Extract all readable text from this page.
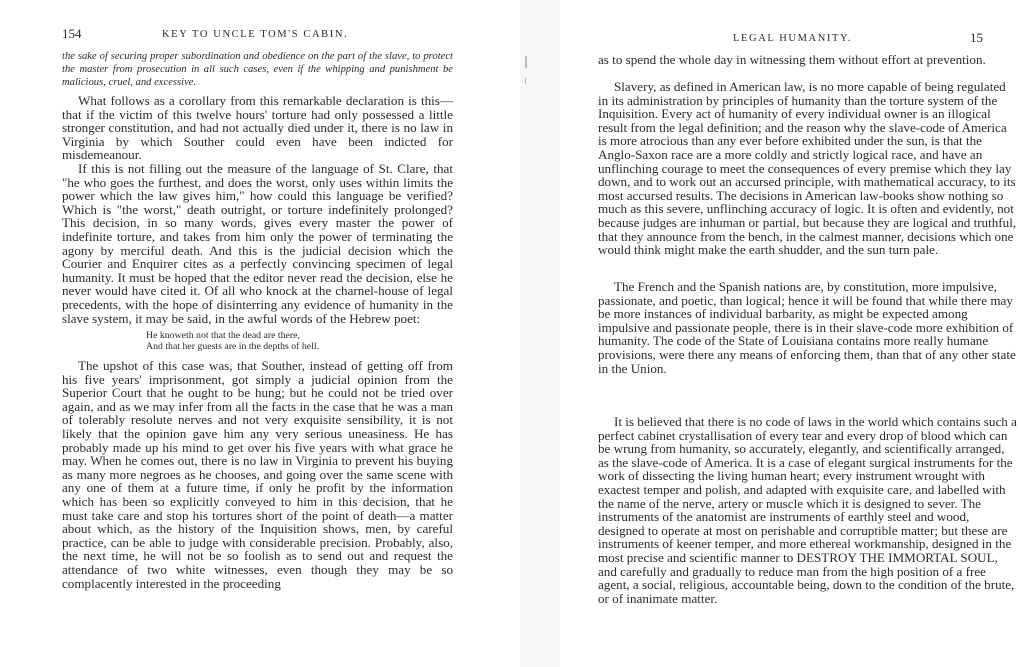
154	KEY TO UNCLE TOM'S CABIN.

the sake of securing proper subordination and obedience on the part of the slave, to protect the master from prosecution in all such cases, even if the whipping and punishment be malicious, cruel, and excessive.

What follows as a corollary from this remarkable declaration is this—that if the victim of this twelve hours' torture had only possessed a little stronger constitution, and had not actually died under it, there is no law in Virginia by which Souther could even have been indicted for misdemeanour.

If this is not filling out the measure of the language of St. Clare, that "he who goes the furthest, and does the worst, only uses within limits the power which the law gives him," how could this language be verified? Which is "the worst," death outright, or torture indefinitely prolonged? This decision, in so many words, gives every master the power of indefinite torture, and takes from him only the power of terminating the agony by merciful death. And this is the judicial decision which the Courier and Enquirer cites as a perfectly convincing specimen of legal humanity. It must be hoped that the editor never read the decision, else he never would have cited it. Of all who knock at the charnel-house of legal precedents, with the hope of disinterring any evidence of humanity in the slave system, it may be said, in the awful words of the Hebrew poet:

He knoweth not that the dead are there,
And that her guests are in the depths of hell.

The upshot of this case was, that Souther, instead of getting off from his five years' imprisonment, got simply a judicial opinion from the Superior Court that he ought to be hung; but he could not be tried over again, and as we may infer from all the facts in the case that he was a man of tolerably resolute nerves and not very exquisite sensibility, it is not likely that the opinion gave him any very serious uneasiness. He has probably made up his mind to get over his five years with what grace he may. When he comes out, there is no law in Virginia to prevent his buying as many more negroes as he chooses, and going over the same scene with any one of them at a future time, if only he profit by the information which has been so explicitly conveyed to him in this decision, that he must take care and stop his tortures short of the point of death—a matter about which, as the history of the Inquisition shows, men, by careful practice, can be able to judge with considerable precision. Probably, also, the next time, he will not be so foolish as to send out and request the attendance of two white witnesses, even though they may be so complacently interested in the proceeding

LEGAL HUMANITY.	15

as to spend the whole day in witnessing them without effort at prevention.

Slavery, as defined in American law, is no more capable of being regulated in its administration by principles of humanity than the torture system of the Inquisition. Every act of humanity of every individual owner is an illogical result from the legal definition; and the reason why the slave-code of America is more atrocious than any ever before exhibited under the sun, is that the Anglo-Saxon race are a more coldly and strictly logical race, and have an unflinching courage to meet the consequences of every premise which they lay down, and to work out an accursed principle, with mathematical accuracy, to its most accursed results. The decisions in American law-books show nothing so much as this severe, unflinching accuracy of logic. It is often and evidently, not because judges are inhuman or partial, but because they are logical and truthful, that they announce from the bench, in the calmest manner, decisions which one would think might make the earth shudder, and the sun turn pale.

The French and the Spanish nations are, by constitution, more impulsive, passionate, and poetic, than logical; hence it will be found that while there may be more instances of individual barbarity, as might be expected among impulsive and passionate people, there is in their slave-code more exhibition of humanity. The code of the State of Louisiana contains more really humane provisions, were there any means of enforcing them, than that of any other state in the Union.

It is believed that there is no code of laws in the world which contains such a perfect cabinet crystallisation of every tear and every drop of blood which can be wrung from humanity, so accurately, elegantly, and scientifically arranged, as the slave-code of America. It is a case of elegant surgical instruments for the work of dissecting the living human heart; every instrument wrought with exactest temper and polish, and adapted with exquisite care, and labelled with the name of the nerve, artery or muscle which it is designed to sever. The instruments of the anatomist are instruments of earthly steel and wood, designed to operate at most on perishable and corruptible matter; but these are instruments of keener temper, and more ethereal workmanship, designed in the most precise and scientific manner to DESTROY THE IMMORTAL SOUL, and carefully and gradually to reduce man from the high position of a free agent, a social, religious, accountable being, down to the condition of the brute, or of inanimate matter.
